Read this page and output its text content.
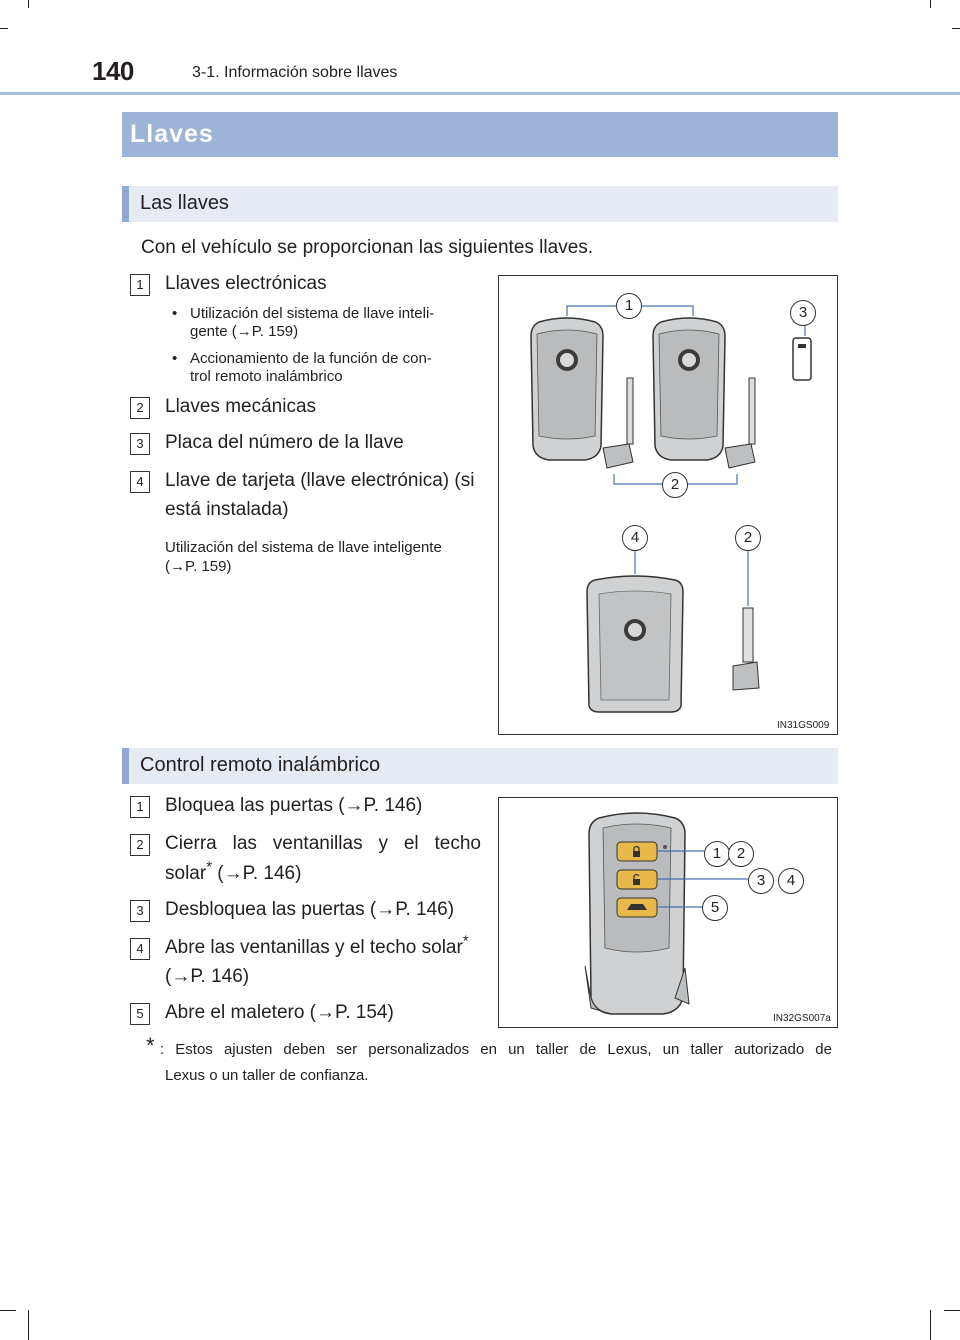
140	3-1. Información sobre llaves
Llaves
Las llaves
Con el vehículo se proporcionan las siguientes llaves.
1	Llaves electrónicas
• Utilización del sistema de llave inteli-
gente (→P. 159)
• Accionamiento de la función de con-
trol remoto inalámbrico
2	Llaves mecánicas
3	Placa del número de la llave
4	Llave de tarjeta (llave electrónica) (si
está instalada)
Utilización del sistema de llave inteligente
(→P. 159)
1	3
2
4	2
IN31GS009
Control remoto inalámbrico
1	Bloquea las puertas (→P. 146)
2	Cierra las ventanillas y el techo
solar* (→P. 146)
3	Desbloquea las puertas (→P. 146)
4	Abre las ventanillas y el techo solar*
(→P. 146)
5	Abre el maletero (→P. 154)
1	2
3	4
5
IN32GS007a
* : Estos ajusten deben ser personalizados en un taller de Lexus, un taller autorizado de
Lexus o un taller de confianza.
